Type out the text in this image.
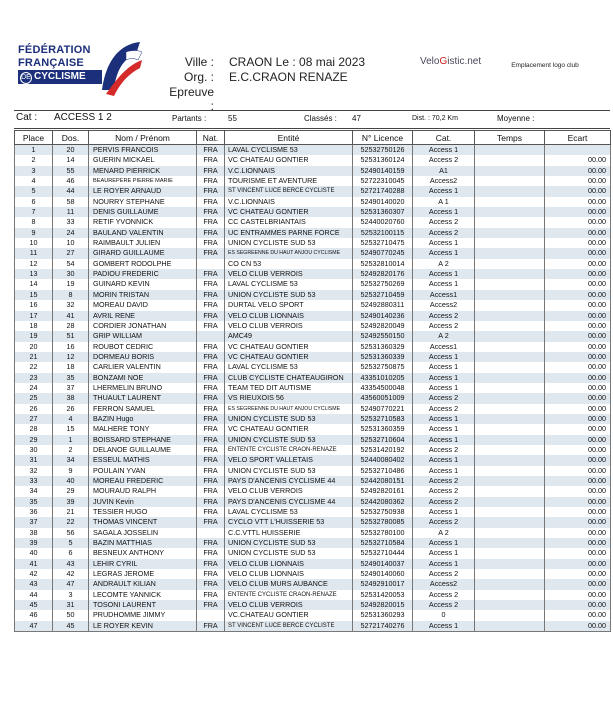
FÉDÉRATION
FRANÇAISE
DE CYCLISME
Ville : CRAON Le : 08 mai 2023
Org. : E.C.CRAON RENAZE
Epreuve :
VeloGistic.net	Emplacement logo club
Cat : ACCESS 1 2	Partants :	55	Classés : 47	Dist. : 70,2 Km	Moyenne :
Place	Dos.	Nom / Prénom	Nat.	Entité	N° Licence	Cat.	Temps	Ecart
1	20	PERVIS FRANCOIS	FRA	LAVAL CYCLISME 53	52532750126	Access 1		
2	14	GUERIN MICKAEL	FRA	VC CHATEAU GONTIER	52531360124	Access 2		00.00
3	55	MENARD PIERRICK	FRA	V.C.LIONNAIS	52490140159	A1		00.00
4	46	BEAUREPERE PIERRE MARIE	FRA	TOURISME ET AVENTURE	52722310045	Access2		00.00
5	44	LE ROYER ARNAUD	FRA	ST VINCENT LUCE BERCE CYCLISTE	52721740288	Access 1		00.00
6	58	NOURRY STEPHANE	FRA	V.C.LIONNAIS	52490140020	A 1		00.00
7	11	DENIS GUILLAUME	FRA	VC CHATEAU GONTIER	52531360307	Access 1		00.00
8	33	RETIF YVONNICK	FRA	CC CASTELBRIANTAIS	52440020760	Access 2		00.00
9	24	BAULAND VALENTIN	FRA	UC ENTRAMMES PARNE FORCE	52532100115	Access 2		00.00
10	10	RAIMBAULT JULIEN	FRA	UNION CYCLISTE SUD 53	52532710475	Access 1		00.00
11	27	GIRARD GUILLAUME	FRA	ES SEGREENNE DU HAUT ANJOU CYCLISME	52490770245	Access 1		00.00
12	54	GOMBERT RODOLPHE		CO CN 53	52532810014	A 2		00.00
13	30	PADIOU FREDERIC	FRA	VELO CLUB VERROIS	52492820176	Access 1		00.00
14	19	GUINARD KEVIN	FRA	LAVAL CYCLISME 53	52532750269	Access 1		00.00
15	8	MORIN TRISTAN	FRA	UNION CYCLISTE SUD 53	52532710459	Access1		00.00
16	32	MOREAU DAVID	FRA	DURTAL VELO SPORT	52492880311	Access2		00.00
17	41	AVRIL RENE	FRA	VELO CLUB LIONNAIS	52490140236	Access 2		00.00
18	28	CORDIER JONATHAN	FRA	VELO CLUB VERROIS	52492820049	Access 2		00.00
19	51	GRIP WILLIAM		AMC49	52492550150	A 2		00.00
20	16	ROUBOT CEDRIC	FRA	VC CHATEAU GONTIER	52531360329	Access1		00.00
21	12	DORMEAU BORIS	FRA	VC CHATEAU GONTIER	52531360339	Access 1		00.00
22	18	CARLIER VALENTIN	FRA	LAVAL CYCLISME 53	52532750875	Access 1		00.00
23	35	BONZAMI NOE	FRA	CLUB CYCLISTE CHATEAUGIRON	43351010205	Access 1		00.00
24	37	LHERMELIN BRUNO	FRA	TEAM TED DIT AUTISME	43354500048	Access 1		00.00
25	38	THUAULT LAURENT	FRA	VS RIEUXOIS 56	43560051009	Access 2		00.00
26	26	FERRON SAMUEL	FRA	ES SEGREENNE DU HAUT ANJOU CYCLISME	52490770221	Access 2		00.00
27	4	BAZIN Hugo	FRA	UNION CYCLISTE SUD 53	52532710583	Access 1		00.00
28	15	MALHERE TONY	FRA	VC CHATEAU GONTIER	52531360359	Access 1		00.00
29	1	BOISSARD STEPHANE	FRA	UNION CYCLISTE SUD 53	52532710604	Access 1		00.00
30	2	DELANOE GUILLAUME	FRA	ENTENTE CYCLISTE CRAON-RENAZE	52531420192	Access 2		00.00
31	34	ESSEUL MATHIS	FRA	VELO SPORT VALLETAIS	52440080402	Access 1		00.00
32	9	POULAIN YVAN	FRA	UNION CYCLISTE SUD 53	52532710486	Access 1		00.00
33	40	MOREAU FREDERIC	FRA	PAYS D'ANCENIS CYCLISME 44	52442080151	Access 2		00.00
34	29	MOURAUD RALPH	FRA	VELO CLUB VERROIS	52492820161	Access 2		00.00
35	39	JUVIN Kevin	FRA	PAYS D'ANCENIS CYCLISME 44	52442080362	Access 2		00.00
36	21	TESSIER HUGO	FRA	LAVAL CYCLISME 53	52532750938	Access 1		00.00
37	22	THOMAS VINCENT	FRA	CYCLO VTT L'HUISSERIE 53	52532780085	Access 2		00.00
38	56	SAGALA JOSSELIN		C.C.VTTL HUISSERIE	52532780100	A 2		00.00
39	5	BAZIN MATTHIAS	FRA	UNION CYCLISTE SUD 53	52532710584	Access 1		00.00
40	6	BESNEUX ANTHONY	FRA	UNION CYCLISTE SUD 53	52532710444	Access 1		00.00
41	43	LEHIR CYRIL	FRA	VELO CLUB LIONNAIS	52490140037	Access 1		00.00
42	42	LEGRAS JEROME	FRA	VELO CLUB LIONNAIS	52490140060	Access 2		00.00
43	47	ANDRAULT KILIAN	FRA	VELO CLUB MURS AUBANCE	52492910017	Access2		00.00
44	3	LECOMTE YANNICK	FRA	ENTENTE CYCLISTE CRAON-RENAZE	52531420053	Access 2		00.00
45	31	TOSONI LAURENT	FRA	VELO CLUB VERROIS	52492820015	Access 2		00.00
46	50	PRUDHOMME JIMMY		VC.CHATEAU GONTIER	52531360293	0		00.00
47	45	LE ROYER KEVIN	FRA	ST VINCENT LUCE BERCE CYCLISTE	52721740276	Access 1		00.00
